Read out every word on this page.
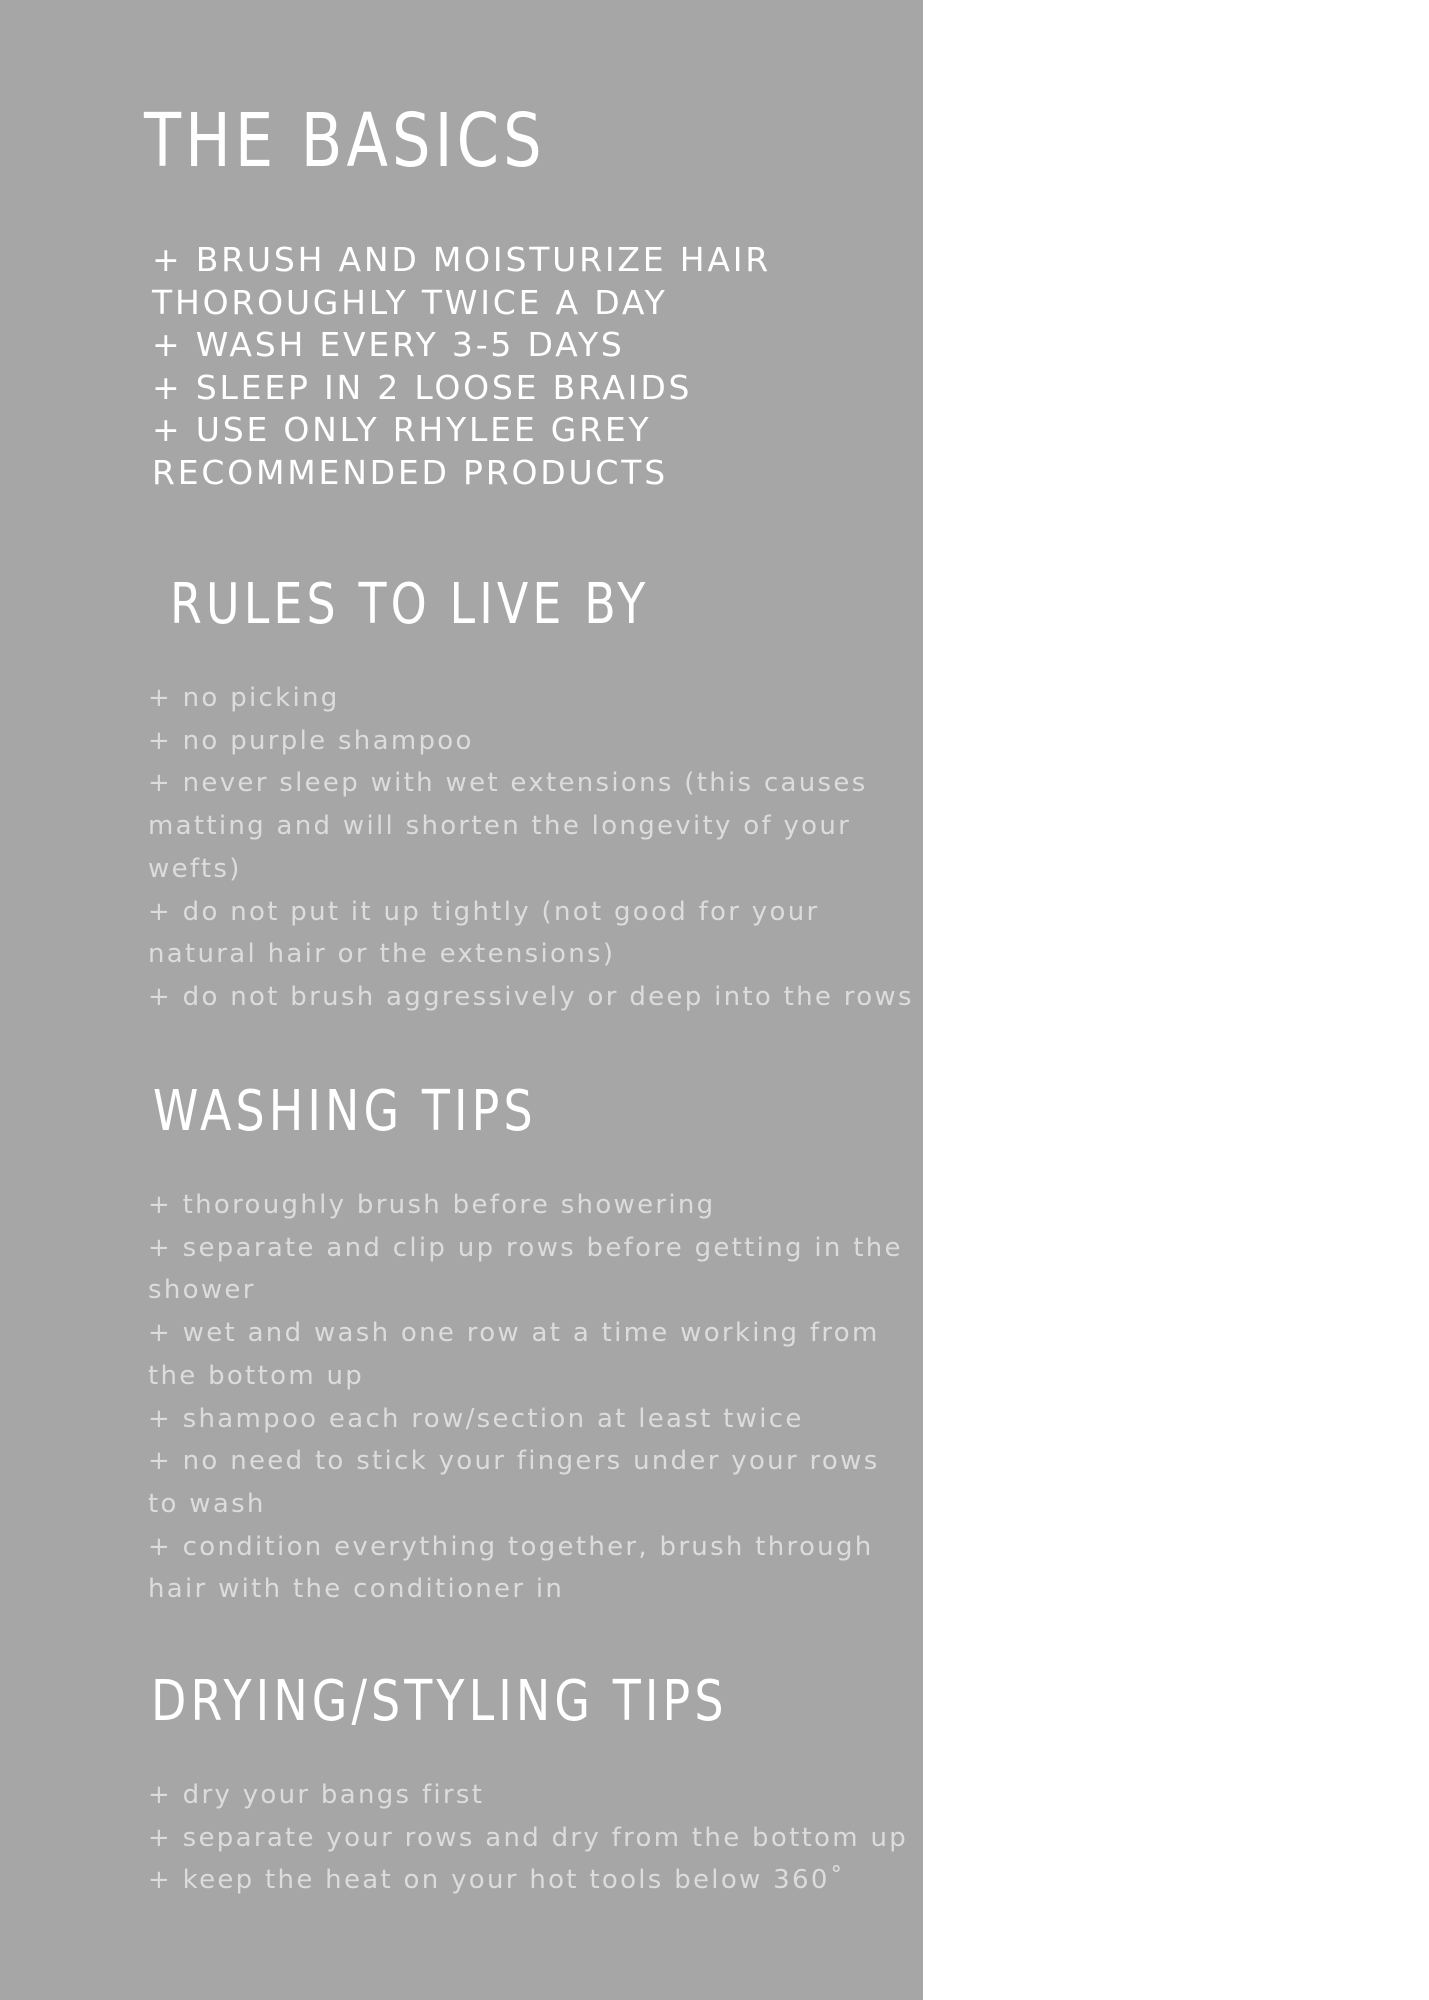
THE BASICS
+ BRUSH AND MOISTURIZE HAIR
THOROUGHLY TWICE A DAY
+ WASH EVERY 3-5 DAYS
+ SLEEP IN 2 LOOSE BRAIDS
+ USE ONLY RHYLEE GREY
RECOMMENDED PRODUCTS
RULES TO LIVE BY
+ no picking
+ no purple shampoo
+ never sleep with wet extensions (this causes
matting and will shorten the longevity of your
wefts)
+ do not put it up tightly (not good for your
natural hair or the extensions)
+ do not brush aggressively or deep into the rows
WASHING TIPS
+ thoroughly brush before showering
+ separate and clip up rows before getting in the
shower
+ wet and wash one row at a time working from
the bottom up
+ shampoo each row/section at least twice
+ no need to stick your fingers under your rows
to wash
+ condition everything together, brush through
hair with the conditioner in
DRYING/STYLING TIPS
+ dry your bangs first
+ separate your rows and dry from the bottom up
+ keep the heat on your hot tools below 360˚
